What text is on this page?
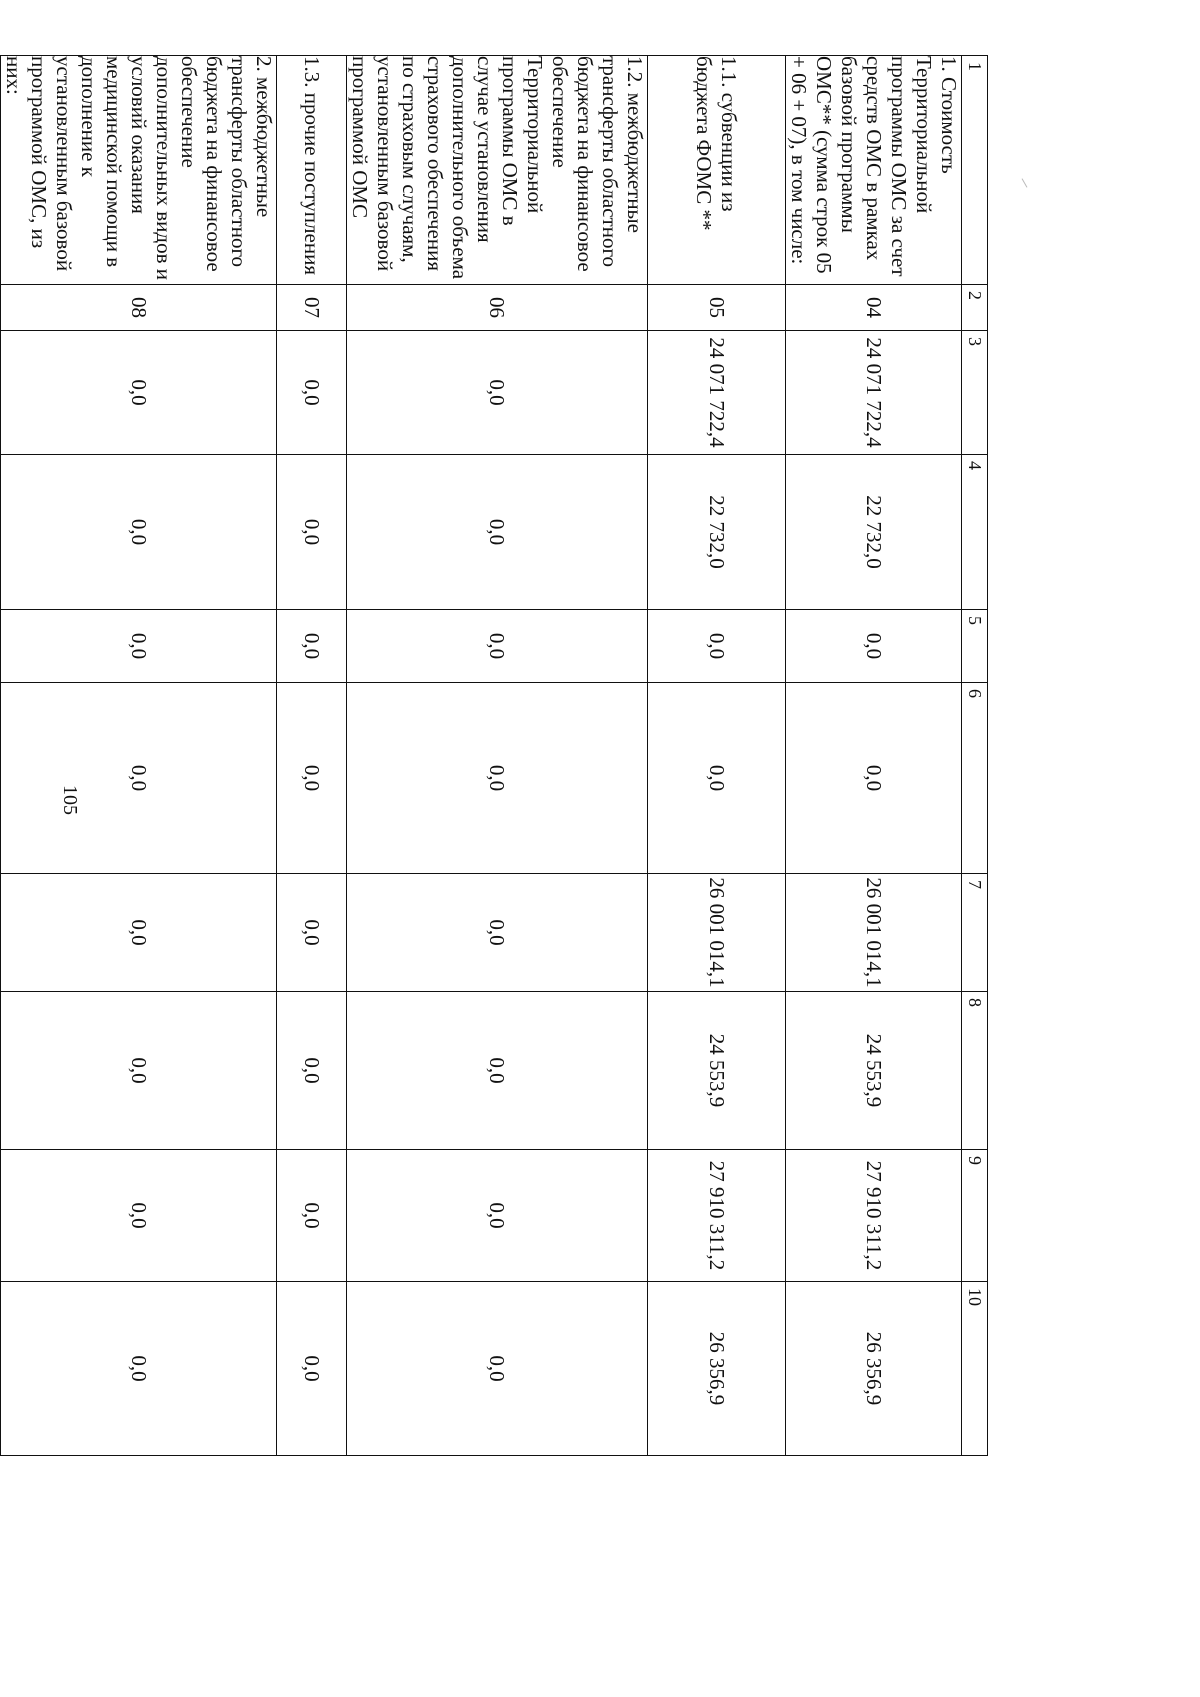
105
1	2	3	4	5	6	7	8	9	10
1. Стоимость Территориальной программы ОМС за счет средств ОМС в рамках базовой программы ОМС** (сумма строк 05 + 06 + 07), в том числе:	04	24 071 722,4	22 732,0	0,0	0,0	26 001 014,1	24 553,9	27 910 311,2	26 356,9
1.1. субвенции из бюджета ФОМС **	05	24 071 722,4	22 732,0	0,0	0,0	26 001 014,1	24 553,9	27 910 311,2	26 356,9
1.2. межбюджетные трансферты областного бюджета на финансовое обеспечение Территориальной программы ОМС в случае установления дополнительного объема страхового обеспечения по страховым случаям, установленным базовой программой ОМС	06	0,0	0,0	0,0	0,0	0,0	0,0	0,0	0,0
1.3. прочие поступления	07	0,0	0,0	0,0	0,0	0,0	0,0	0,0	0,0
2. межбюджетные трансферты областного бюджета на финансовое обеспечение дополнительных видов и условий оказания медицинской помощи в дополнение к установленным базовой программой ОМС, из них:	08	0,0	0,0	0,0	0,0	0,0	0,0	0,0	0,0
